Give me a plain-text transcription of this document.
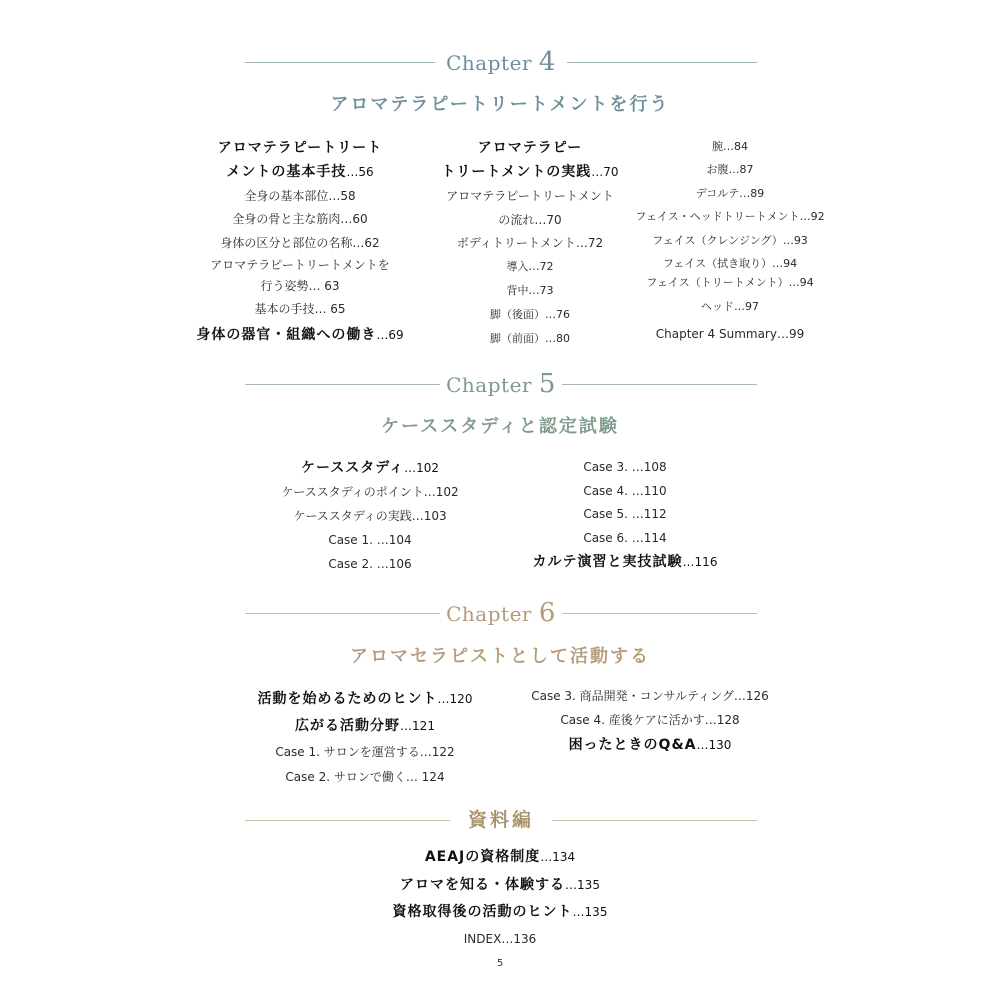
Chapter 4
アロマテラピートリートメントを行う
アロマテラピートリート
メントの基本手技…56
全身の基本部位…58
全身の骨と主な筋肉…60
身体の区分と部位の名称…62
アロマテラピートリートメントを
行う姿勢… 63
基本の手技… 65
身体の器官・組織への働き…69
アロマテラピー
トリートメントの実践…70
アロマテラピートリートメント
の流れ…70
ボディトリートメント…72
導入…72
背中…73
脚（後面）…76
脚（前面）…80
腕…84
お腹…87
デコルテ…89
フェイス・ヘッドトリートメント…92
フェイス（クレンジング）…93
フェイス（拭き取り）…94
フェイス（トリートメント）…94
ヘッド…97
Chapter 4 Summary…99
Chapter 5
ケーススタディと認定試験
ケーススタディ…102
ケーススタディのポイント…102
ケーススタディの実践…103
Case 1. …104
Case 2. …106
Case 3. …108
Case 4. …110
Case 5. …112
Case 6. …114
カルテ演習と実技試験…116
Chapter 6
アロマセラピストとして活動する
活動を始めるためのヒント…120
広がる活動分野…121
Case 1. サロンを運営する…122
Case 2. サロンで働く… 124
Case 3. 商品開発・コンサルティング…126
Case 4. 産後ケアに活かす…128
困ったときのQ&A…130
資料編
AEAJの資格制度…134
アロマを知る・体験する…135
資格取得後の活動のヒント…135
INDEX…136
5
